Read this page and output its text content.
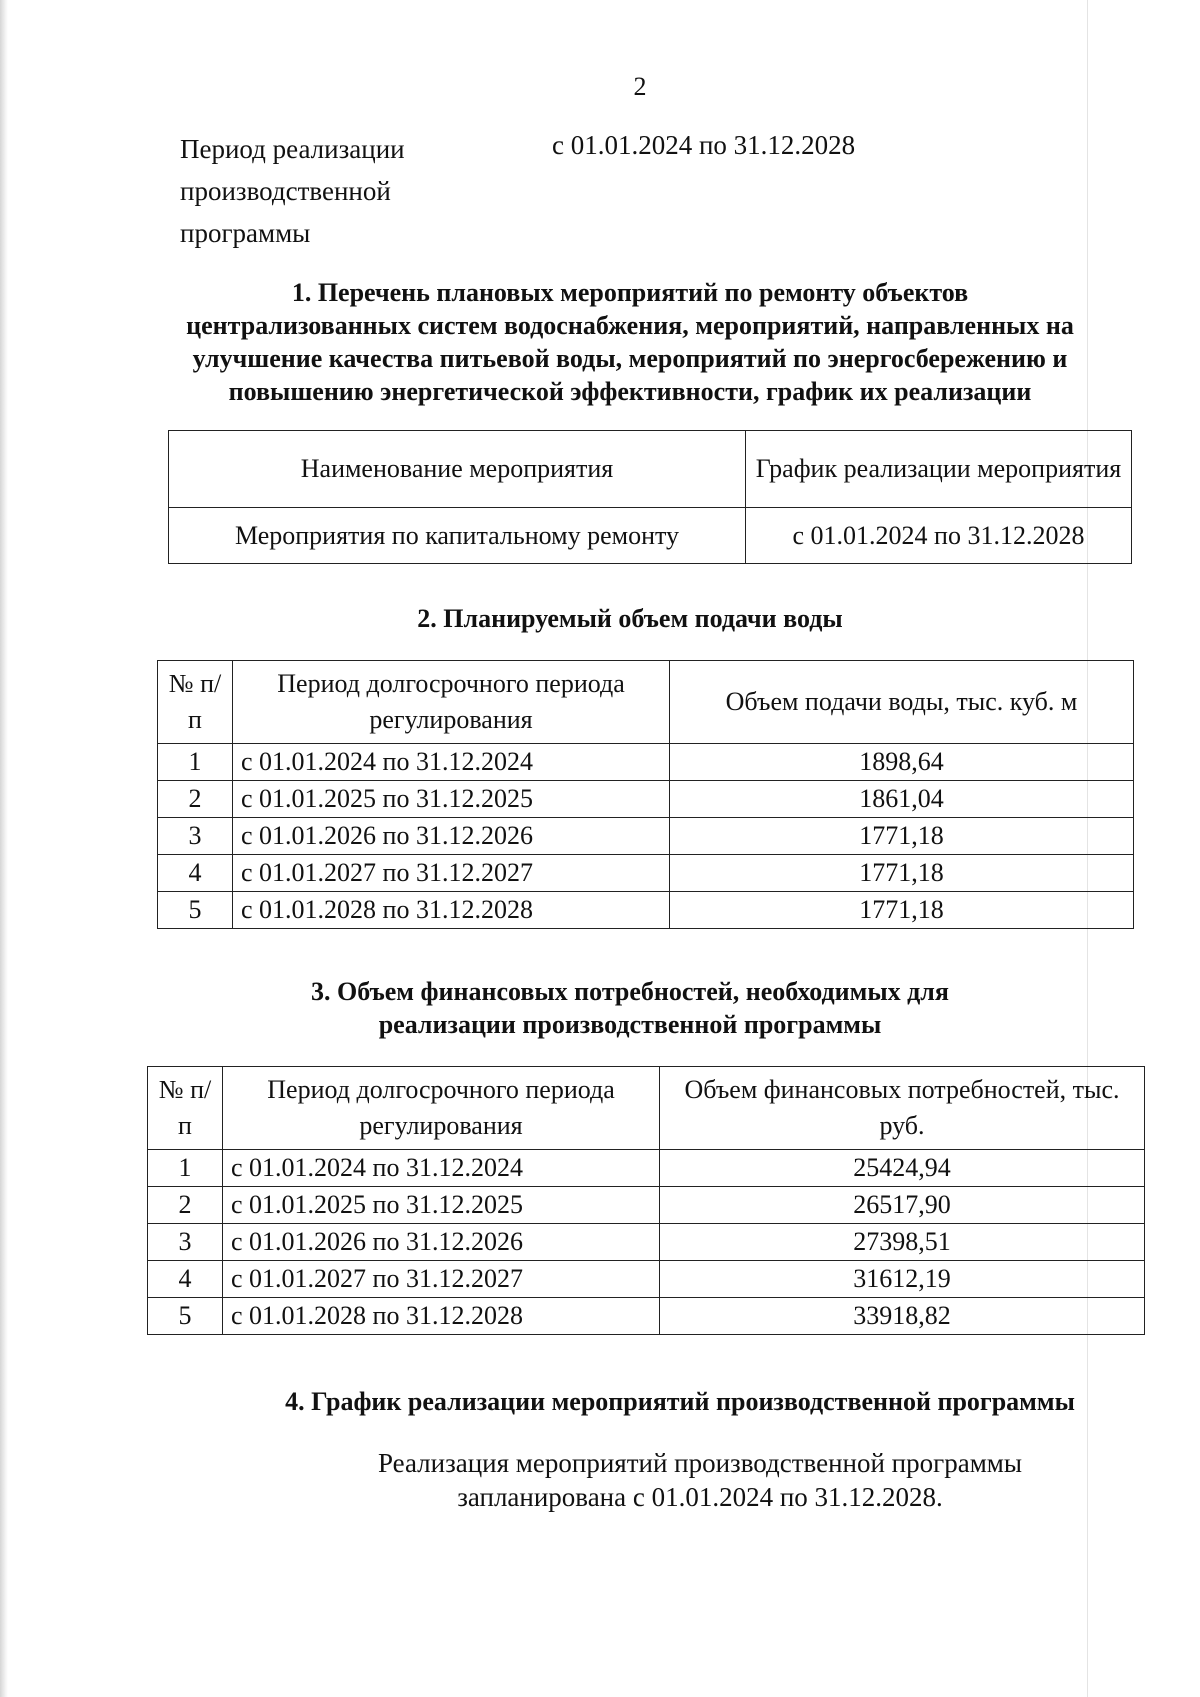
2
Период реализации
производственной
программы
с 01.01.2024 по 31.12.2028
1. Перечень плановых мероприятий по ремонту объектов
централизованных систем водоснабжения, мероприятий, направленных на
улучшение качества питьевой воды, мероприятий по энергосбережению и
повышению энергетической эффективности, график их реализации
Наименование мероприятия	График реализации мероприятия
Мероприятия по капитальному ремонту	с 01.01.2024 по 31.12.2028
2. Планируемый объем подачи воды
№ п/п	Период долгосрочного периода регулирования	Объем подачи воды, тыс. куб. м
1	с 01.01.2024 по 31.12.2024	1898,64
2	с 01.01.2025 по 31.12.2025	1861,04
3	с 01.01.2026 по 31.12.2026	1771,18
4	с 01.01.2027 по 31.12.2027	1771,18
5	с 01.01.2028 по 31.12.2028	1771,18
3. Объем финансовых потребностей, необходимых для
реализации производственной программы
№ п/п	Период долгосрочного периода регулирования	Объем финансовых потребностей, тыс. руб.
1	с 01.01.2024 по 31.12.2024	25424,94
2	с 01.01.2025 по 31.12.2025	26517,90
3	с 01.01.2026 по 31.12.2026	27398,51
4	с 01.01.2027 по 31.12.2027	31612,19
5	с 01.01.2028 по 31.12.2028	33918,82
4. График реализации мероприятий производственной программы
Реализация мероприятий производственной программы
запланирована с 01.01.2024 по 31.12.2028.
